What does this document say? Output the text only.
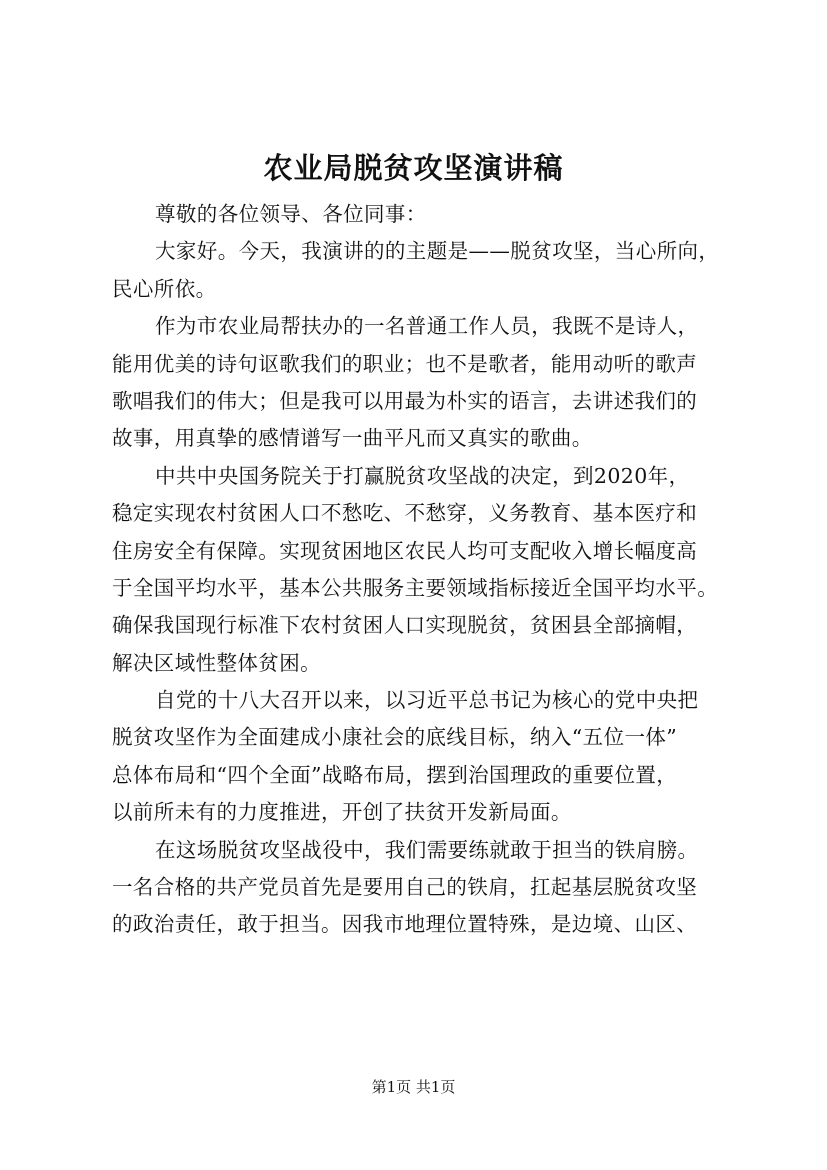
农业局脱贫攻坚演讲稿
尊敬的各位领导、各位同事：
大家好。今天，我演讲的的主题是——脱贫攻坚，当心所向，
民心所依。
作为市农业局帮扶办的一名普通工作人员，我既不是诗人，
能用优美的诗句讴歌我们的职业；也不是歌者，能用动听的歌声
歌唱我们的伟大；但是我可以用最为朴实的语言，去讲述我们的
故事，用真挚的感情谱写一曲平凡而又真实的歌曲。
中共中央国务院关于打赢脱贫攻坚战的决定，到2020年，
稳定实现农村贫困人口不愁吃、不愁穿，义务教育、基本医疗和
住房安全有保障。实现贫困地区农民人均可支配收入增长幅度高
于全国平均水平，基本公共服务主要领域指标接近全国平均水平。
确保我国现行标准下农村贫困人口实现脱贫，贫困县全部摘帽，
解决区域性整体贫困。
自党的十八大召开以来，以习近平总书记为核心的党中央把
脱贫攻坚作为全面建成小康社会的底线目标，纳入“五位一体”
总体布局和“四个全面”战略布局，摆到治国理政的重要位置，
以前所未有的力度推进，开创了扶贫开发新局面。
在这场脱贫攻坚战役中，我们需要练就敢于担当的铁肩膀。
一名合格的共产党员首先是要用自己的铁肩，扛起基层脱贫攻坚
的政治责任，敢于担当。因我市地理位置特殊，是边境、山区、
第1页 共1页
